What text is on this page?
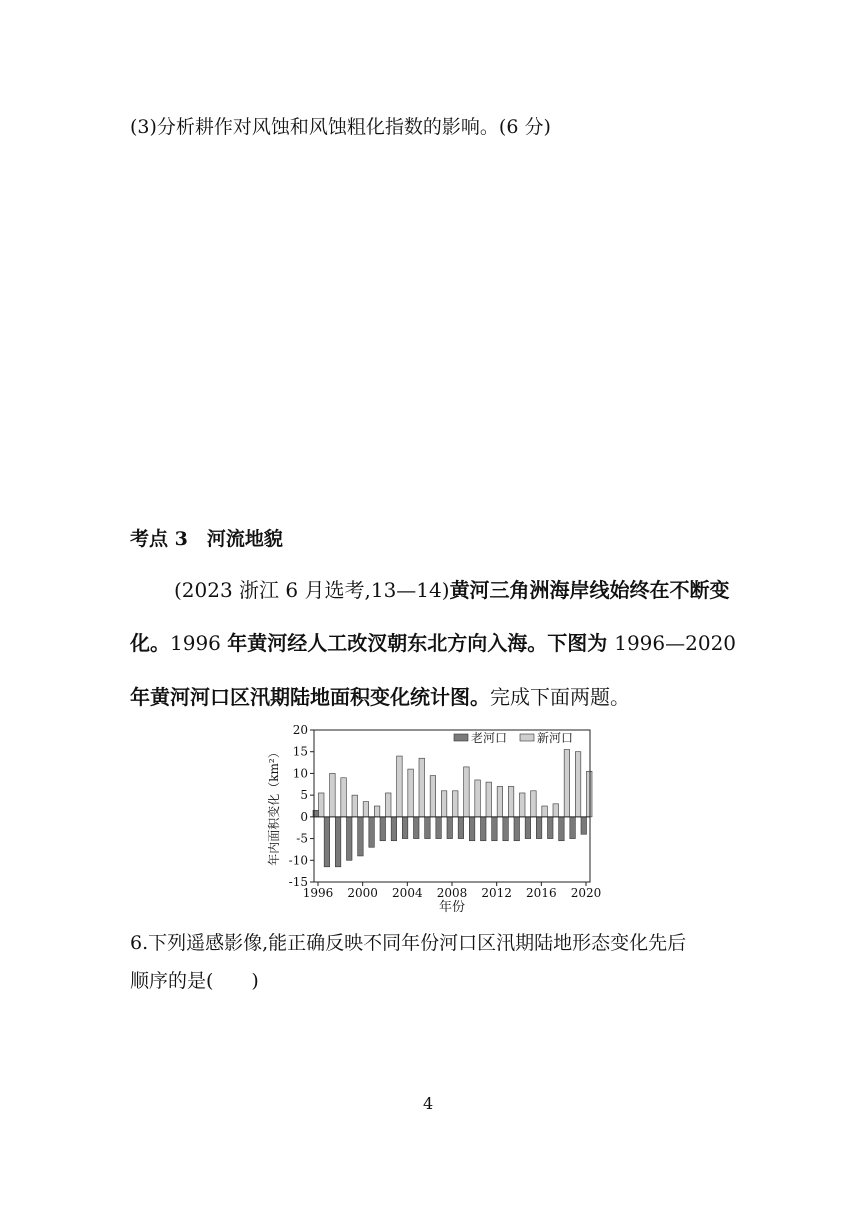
(3)分析耕作对风蚀和风蚀粗化指数的影响。(6 分)
考点 3　河流地貌
(2023 浙江 6 月选考,13—14)黄河三角洲海岸线始终在不断变
化。1996 年黄河经人工改汊朝东北方向入海。下图为 1996—2020
年黄河河口区汛期陆地面积变化统计图。完成下面两题。
20
15
10
5
0
-5
-10
-15
1996 2000 2004 2008 2012 2016 2020
年份
年内面积变化（km²）
老河口 新河口
6.下列遥感影像,能正确反映不同年份河口区汛期陆地形态变化先后
顺序的是(　　)
4
